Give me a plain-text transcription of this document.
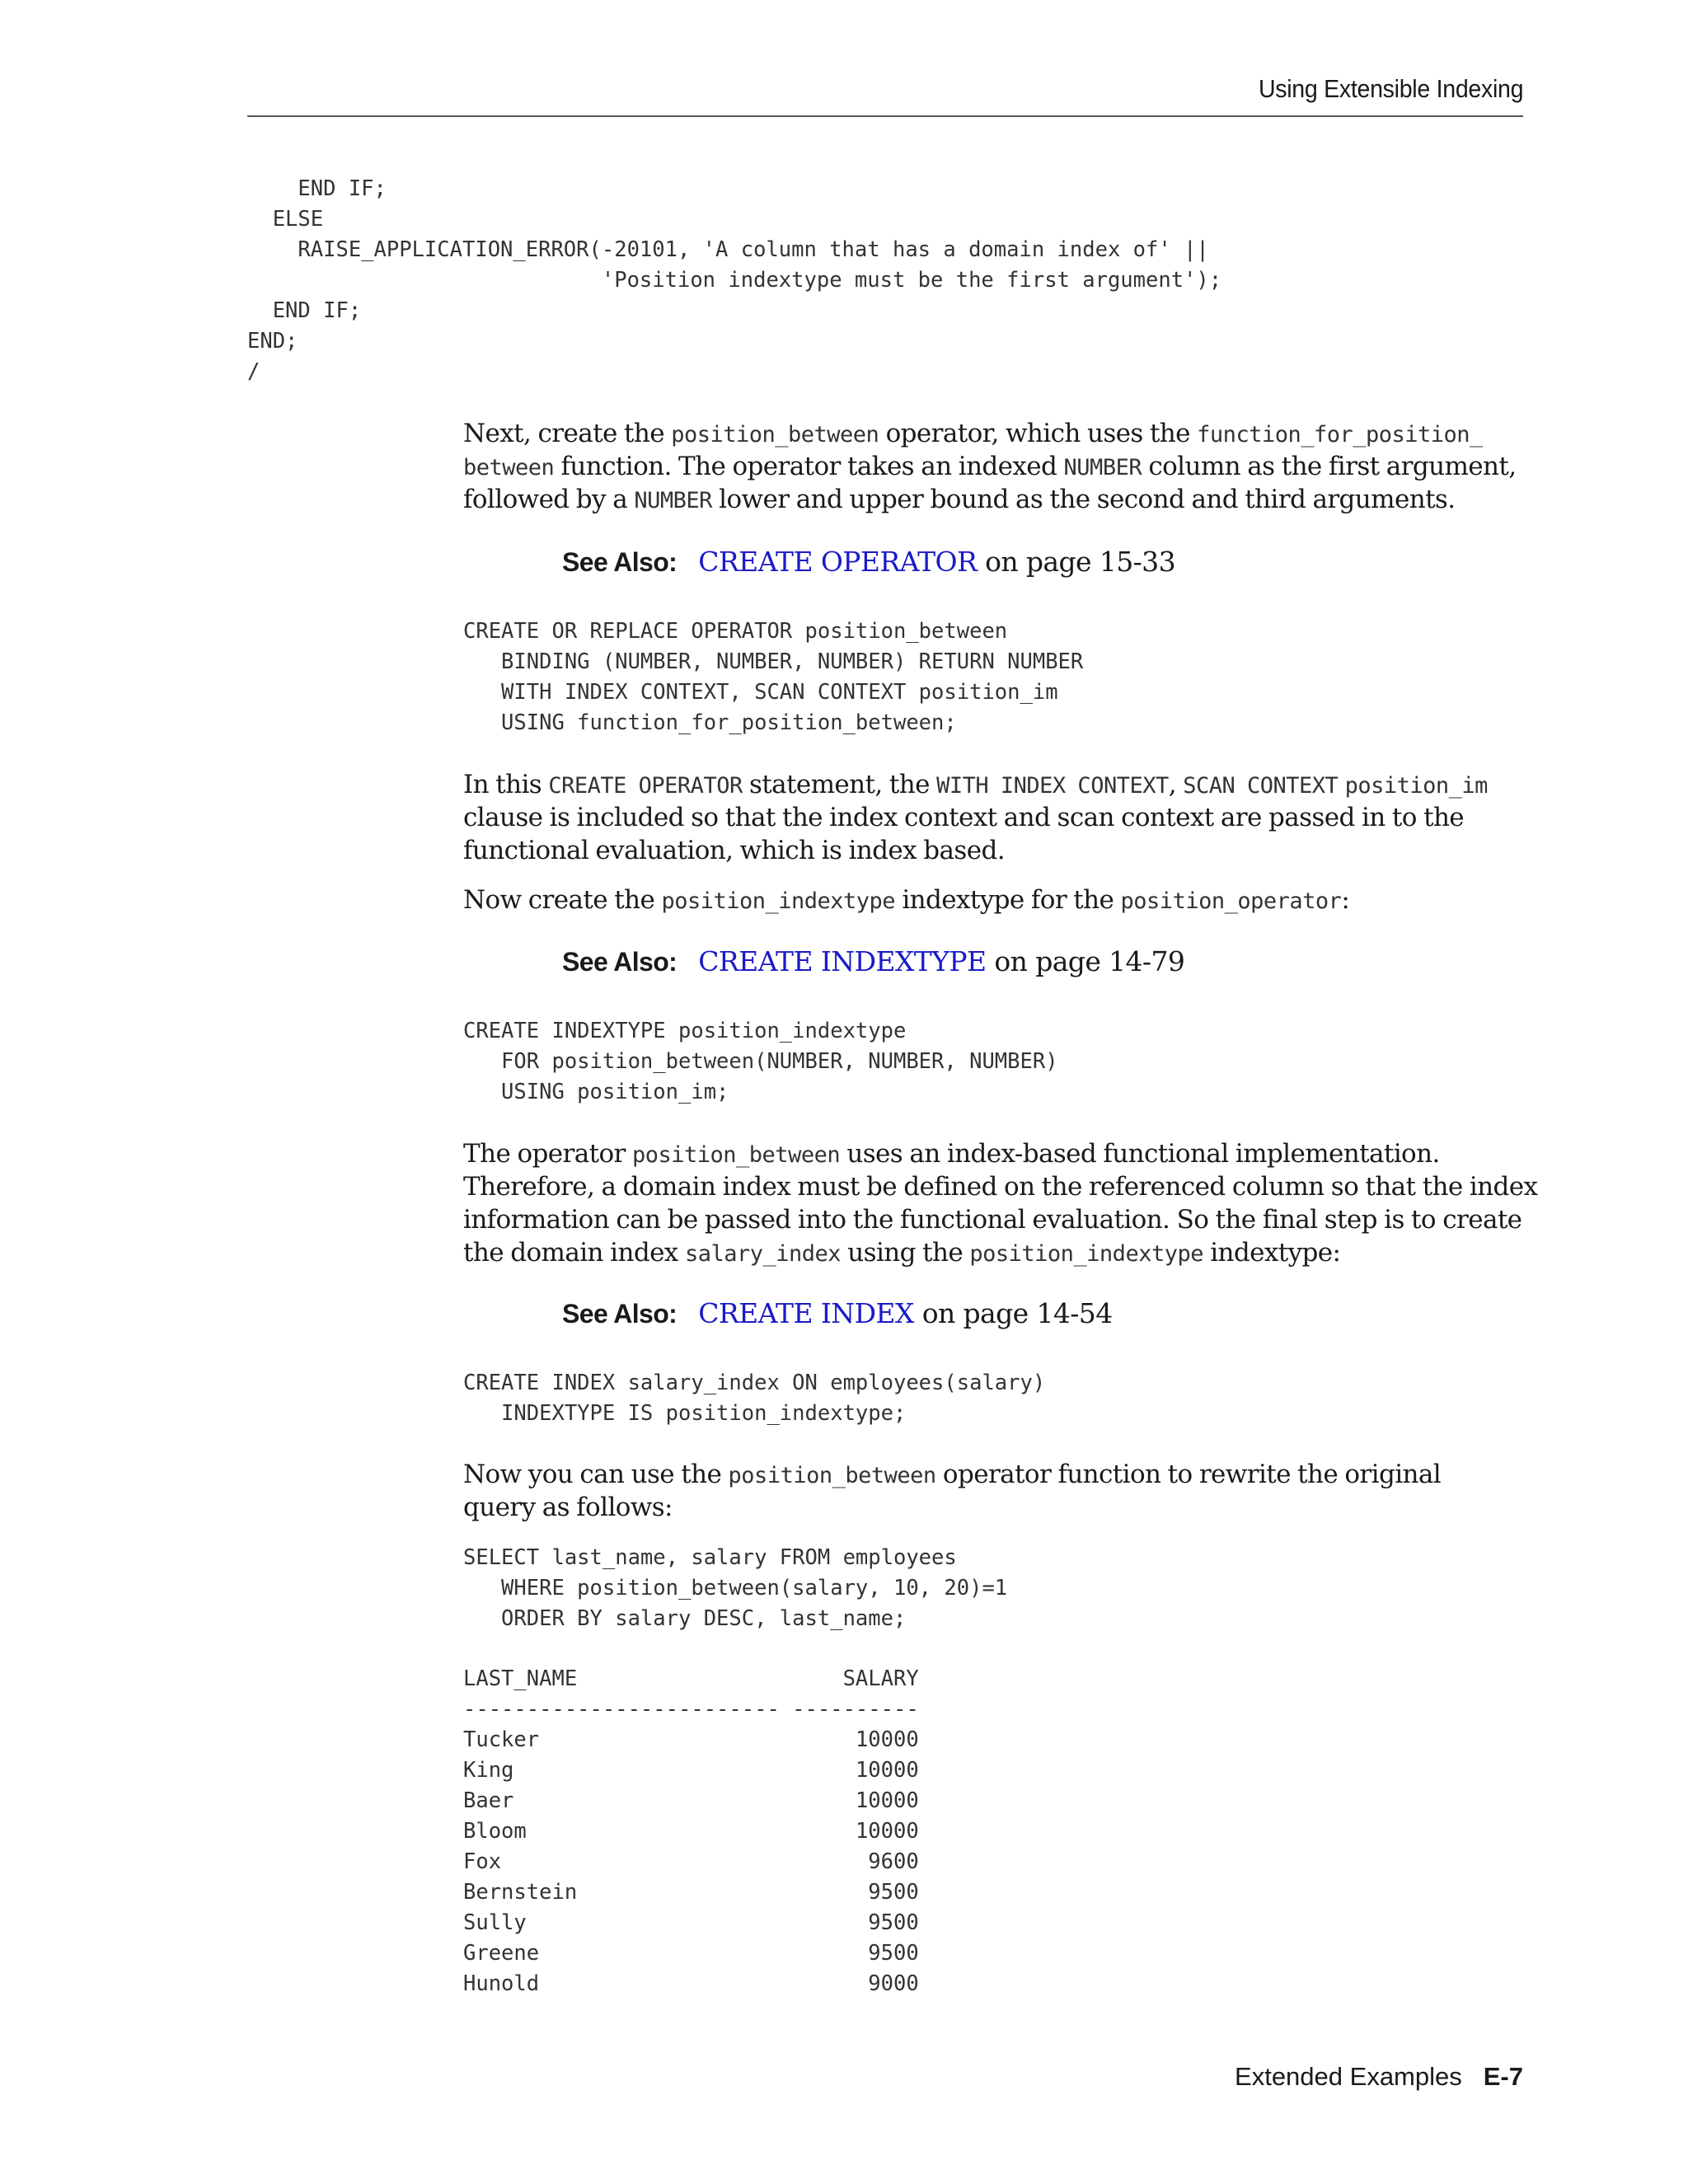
Using Extensible Indexing
END IF;
ELSE
RAISE_APPLICATION_ERROR(-20101, 'A column that has a domain index of' ||
'Position indextype must be the first argument');
END IF;
END;
/
Next, create the position_between operator, which uses the function_for_position_
between function. The operator takes an indexed NUMBER column as the first argument,
followed by a NUMBER lower and upper bound as the second and third arguments.
See Also: CREATE OPERATOR on page 15-33
CREATE OR REPLACE OPERATOR position_between
BINDING (NUMBER, NUMBER, NUMBER) RETURN NUMBER
WITH INDEX CONTEXT, SCAN CONTEXT position_im
USING function_for_position_between;
In this CREATE OPERATOR statement, the WITH INDEX CONTEXT, SCAN CONTEXT position_im
clause is included so that the index context and scan context are passed in to the
functional evaluation, which is index based.
Now create the position_indextype indextype for the position_operator:
See Also: CREATE INDEXTYPE on page 14-79
CREATE INDEXTYPE position_indextype
FOR position_between(NUMBER, NUMBER, NUMBER)
USING position_im;
The operator position_between uses an index-based functional implementation.
Therefore, a domain index must be defined on the referenced column so that the index
information can be passed into the functional evaluation. So the final step is to create
the domain index salary_index using the position_indextype indextype:
See Also: CREATE INDEX on page 14-54
CREATE INDEX salary_index ON employees(salary)
INDEXTYPE IS position_indextype;
Now you can use the position_between operator function to rewrite the original
query as follows:
SELECT last_name, salary FROM employees
WHERE position_between(salary, 10, 20)=1
ORDER BY salary DESC, last_name;
LAST_NAME                     SALARY
------------------------- ----------
Tucker	10000
King	10000
Baer	10000
Bloom	10000
Fox	9600
Bernstein	9500
Sully	9500
Greene	9500
Hunold	9000
Extended Examples E-7
